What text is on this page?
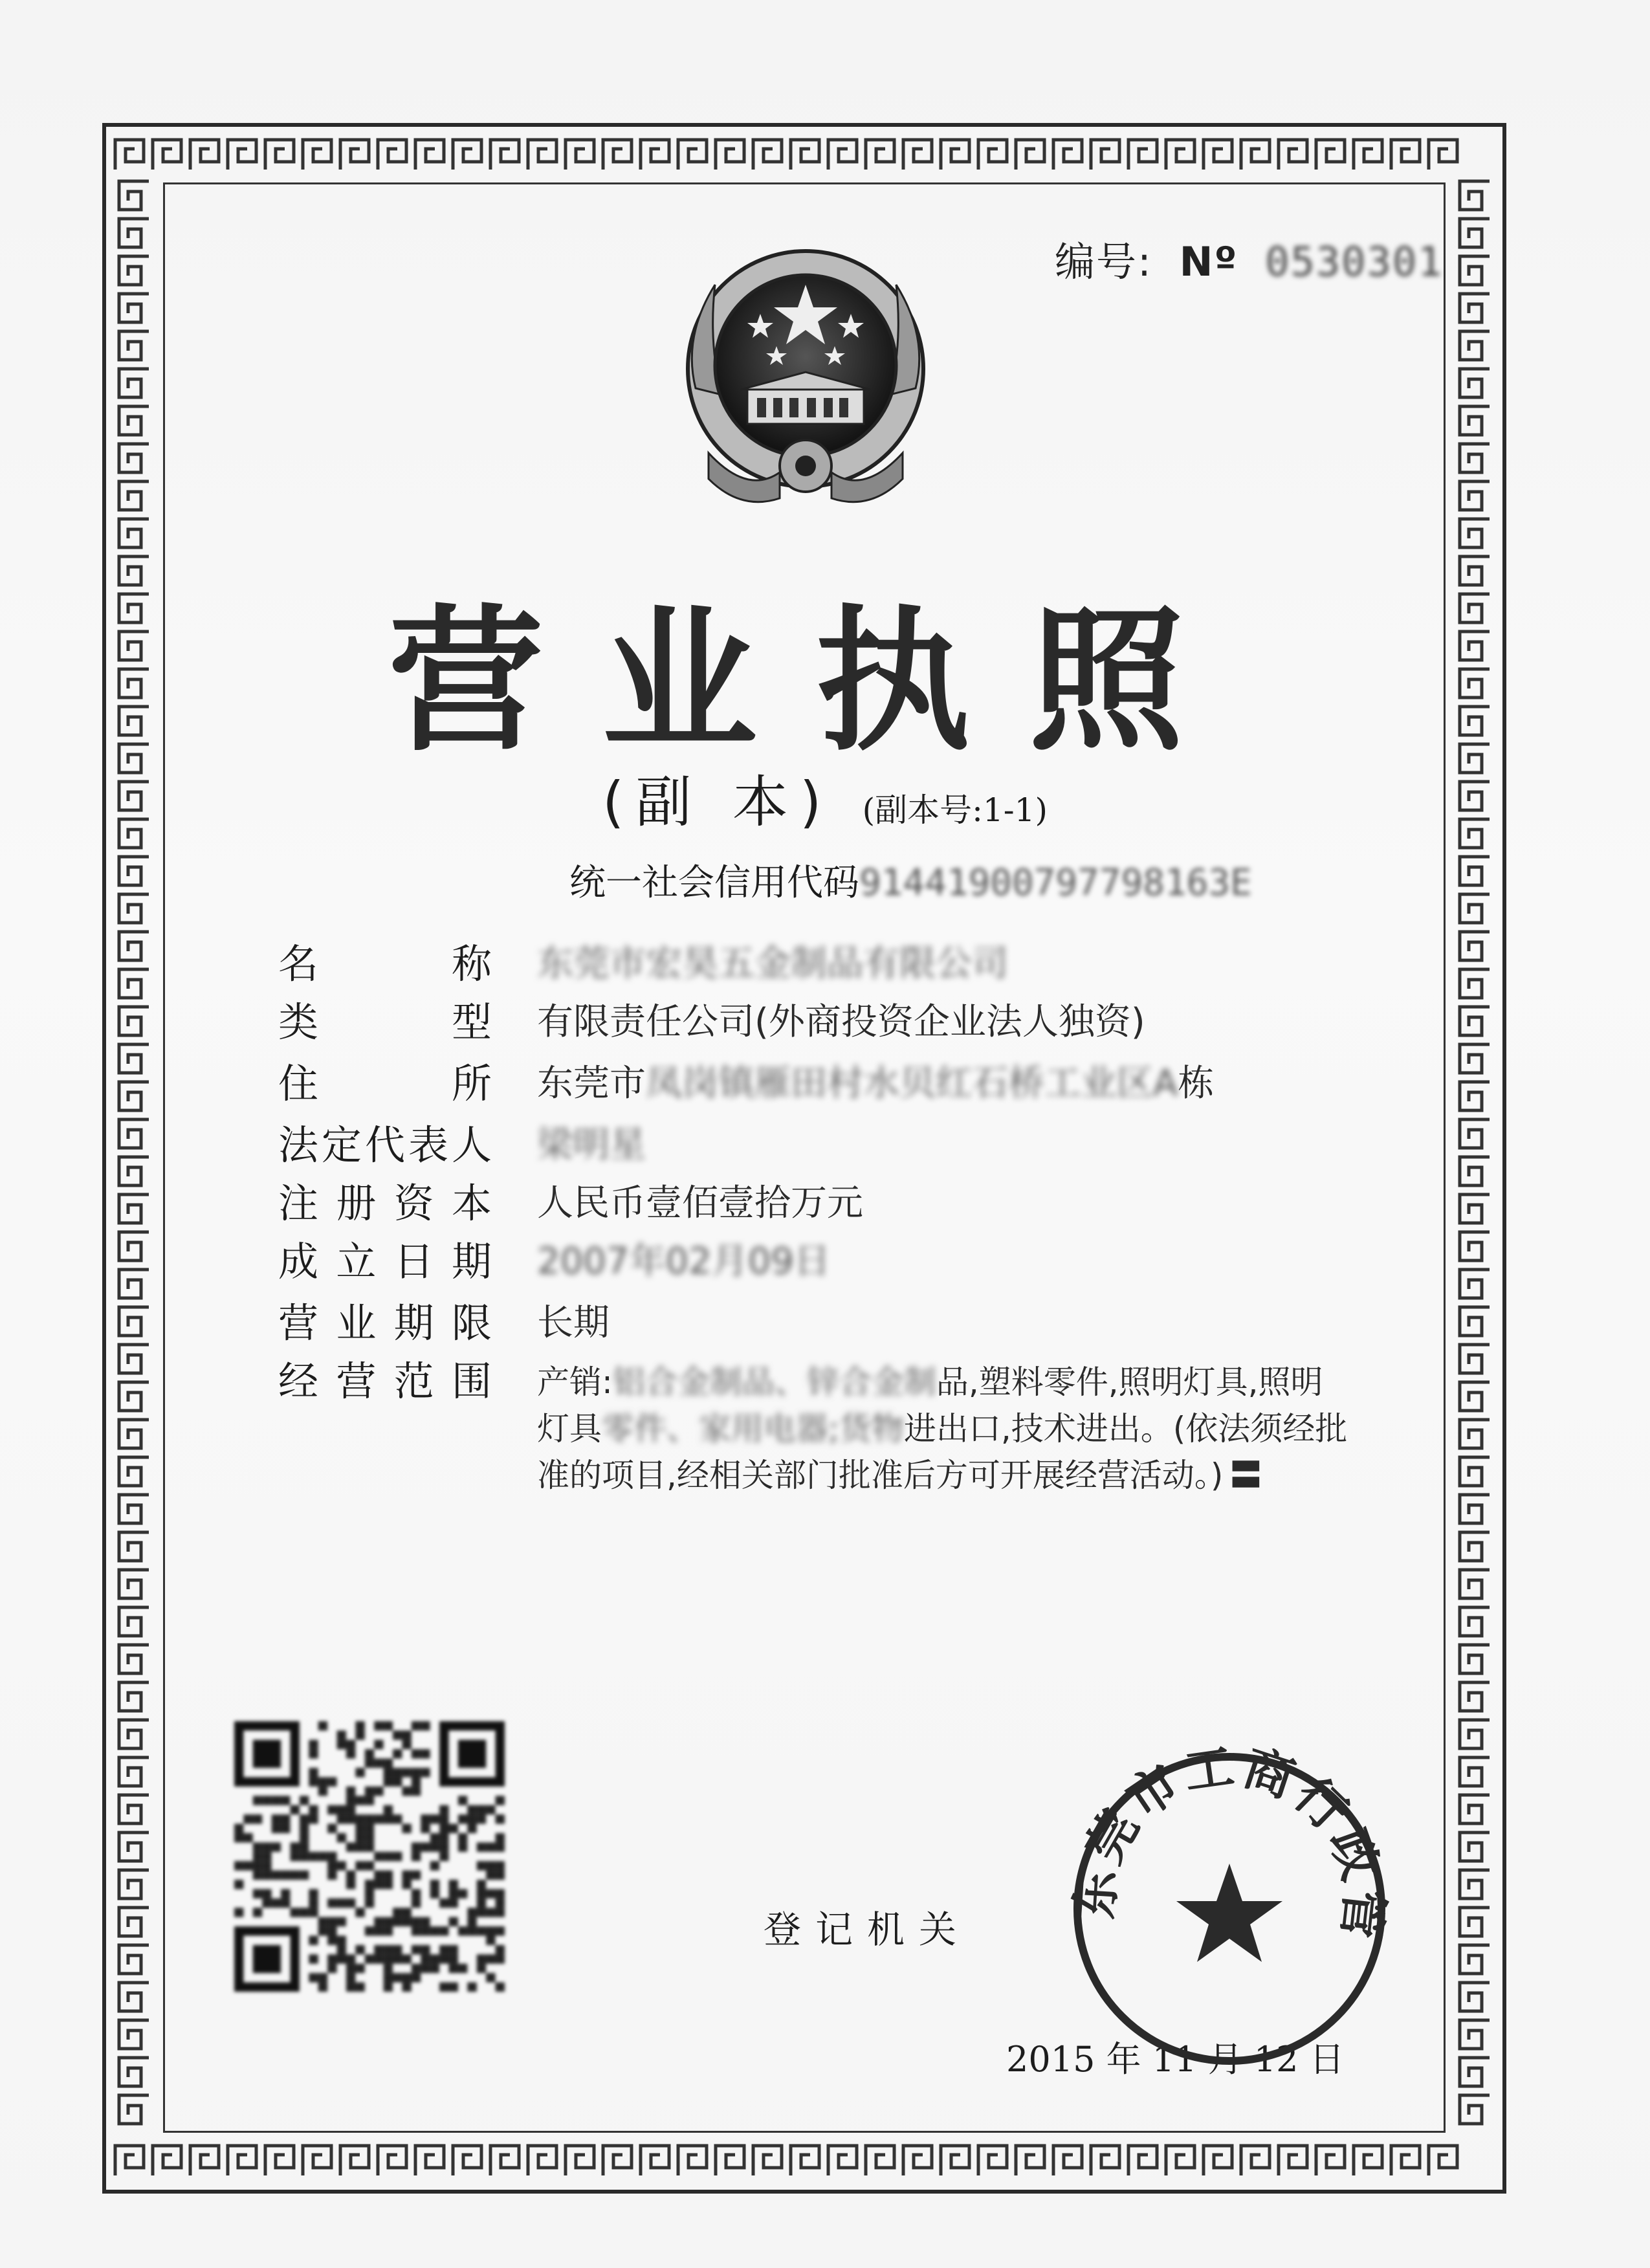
编号: Nº 0530301
营业执照
(副 本) (副本号:1-1)
统一社会信用代码91441900797798163E
名	称 东莞市宏昊五金制品有限公司
类	型 有限责任公司(外商投资企业法人独资)
住	所 东莞市凤岗镇雁田村水贝红石桥工业区A栋
法 定 代 表 人 梁明星
注 册 资 本 人民币壹佰壹拾万元
成 立 日 期 2007年02月09日
营 业 期 限 长期
经 营 范 围 产销:铝合金制品、锌合金制品,塑料零件,照明灯具,照明
灯具零件、家用电器;货物进出口,技术进出。(依法须经批
准的项目,经相关部门批准后方可开展经营活动。) 〓
登记机关
2015 年 11 月 12 日
东莞市工商行政管
